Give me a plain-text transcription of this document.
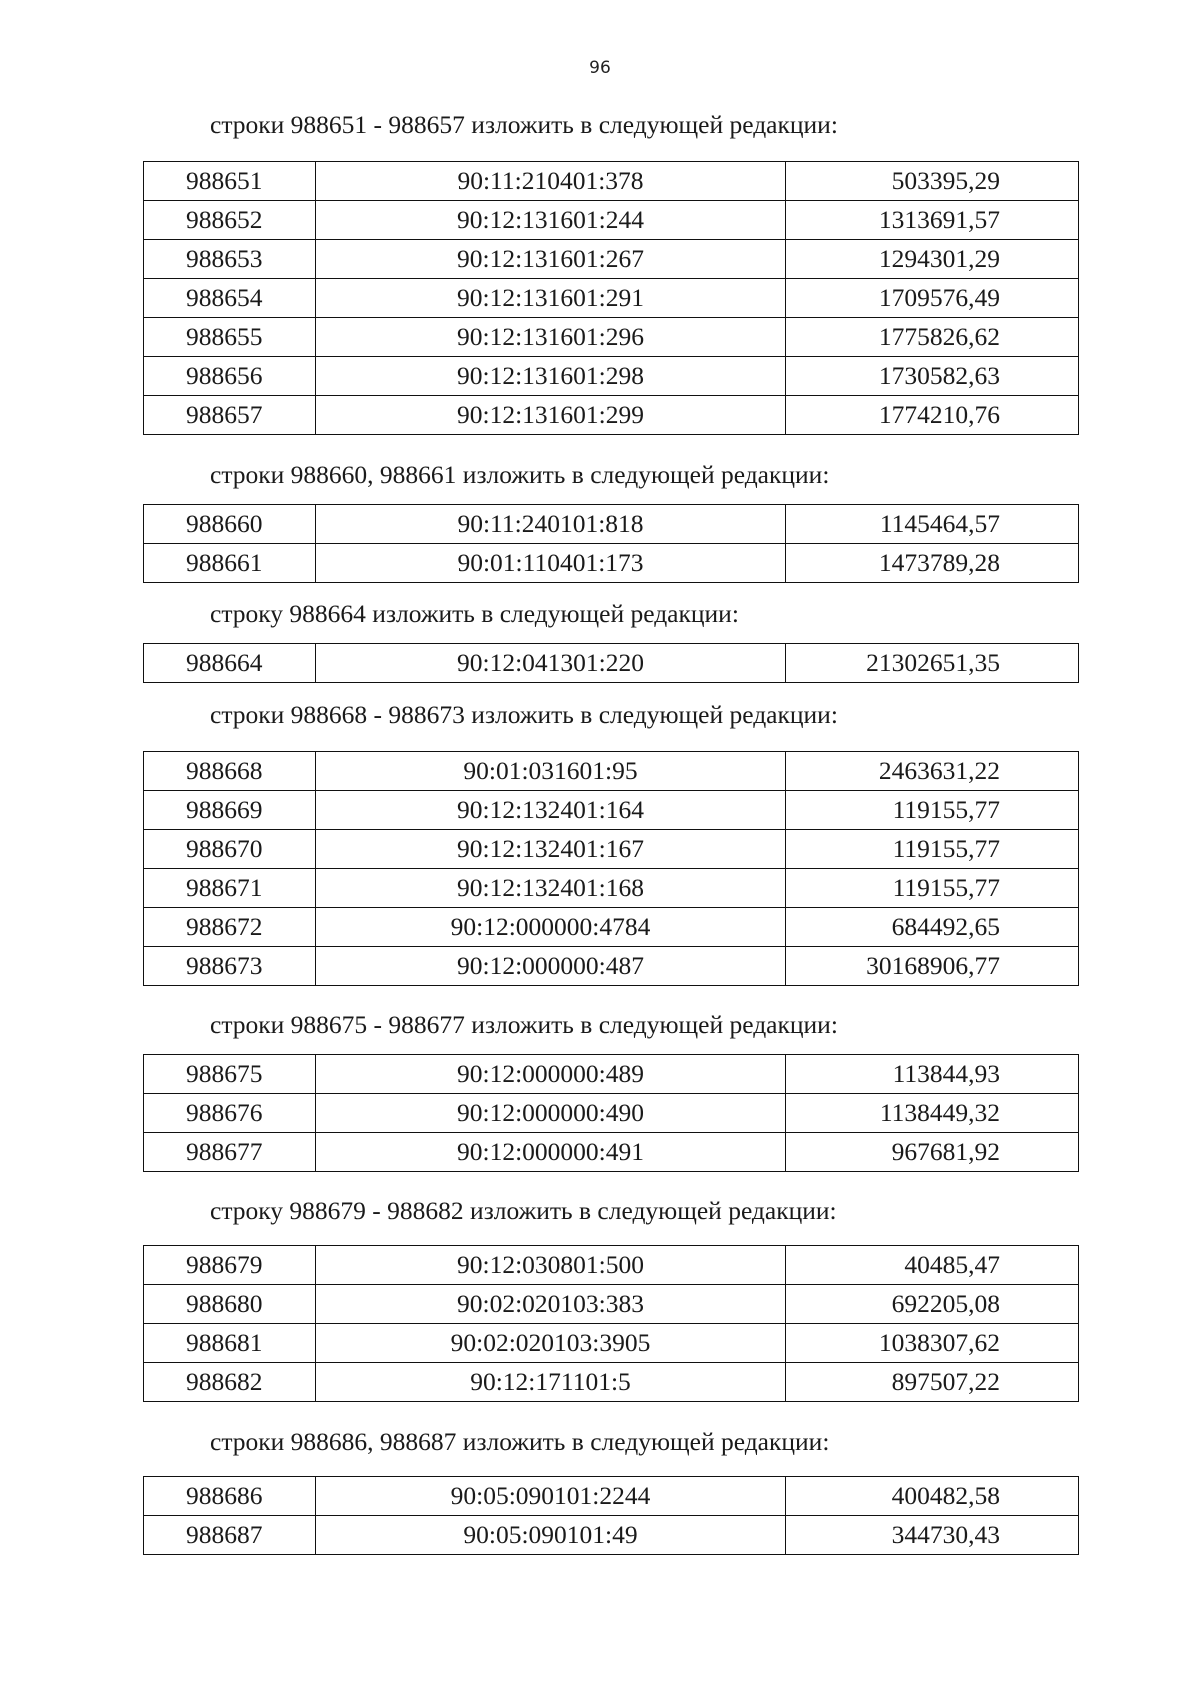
96
строки 988651 - 988657 изложить в следующей редакции:
988651	90:11:210401:378	503395,29
988652	90:12:131601:244	1313691,57
988653	90:12:131601:267	1294301,29
988654	90:12:131601:291	1709576,49
988655	90:12:131601:296	1775826,62
988656	90:12:131601:298	1730582,63
988657	90:12:131601:299	1774210,76
строки 988660, 988661 изложить в следующей редакции:
988660	90:11:240101:818	1145464,57
988661	90:01:110401:173	1473789,28
строку 988664 изложить в следующей редакции:
988664	90:12:041301:220	21302651,35
строки 988668 - 988673 изложить в следующей редакции:
988668	90:01:031601:95	2463631,22
988669	90:12:132401:164	119155,77
988670	90:12:132401:167	119155,77
988671	90:12:132401:168	119155,77
988672	90:12:000000:4784	684492,65
988673	90:12:000000:487	30168906,77
строки 988675 - 988677 изложить в следующей редакции:
988675	90:12:000000:489	113844,93
988676	90:12:000000:490	1138449,32
988677	90:12:000000:491	967681,92
строку 988679 - 988682 изложить в следующей редакции:
988679	90:12:030801:500	40485,47
988680	90:02:020103:383	692205,08
988681	90:02:020103:3905	1038307,62
988682	90:12:171101:5	897507,22
строки 988686, 988687 изложить в следующей редакции:
988686	90:05:090101:2244	400482,58
988687	90:05:090101:49	344730,43
